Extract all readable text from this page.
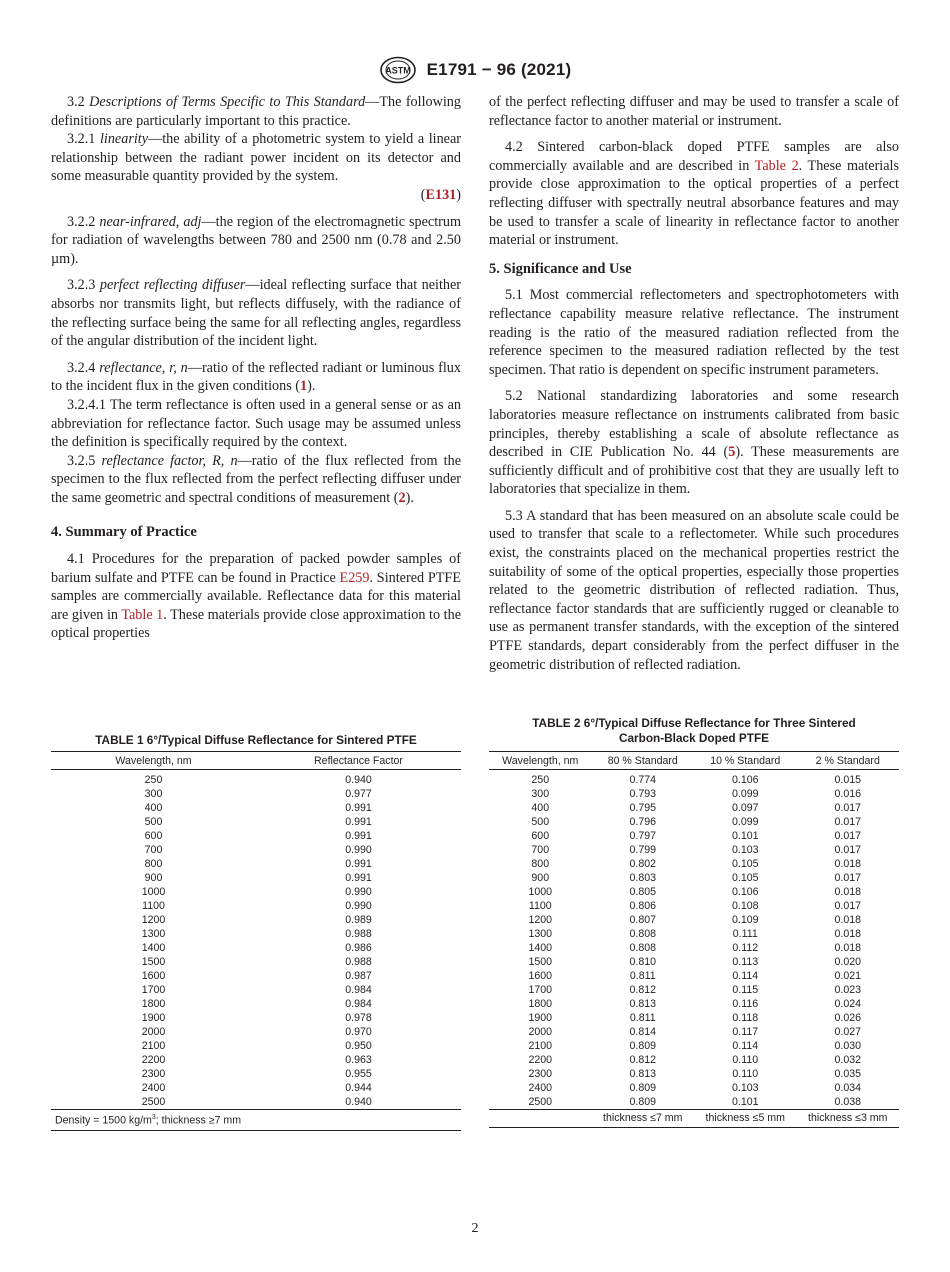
ASTM E1791 − 96 (2021)

3.2 Descriptions of Terms Specific to This Standard—The following definitions are particularly important to this practice.

3.2.1 linearity—the ability of a photometric system to yield a linear relationship between the radiant power incident on its detector and some measurable quantity provided by the system.

(E131)

3.2.2 near-infrared, adj—the region of the electromagnetic spectrum for radiation of wavelengths between 780 and 2500 nm (0.78 and 2.50 µm).

3.2.3 perfect reflecting diffuser—ideal reflecting surface that neither absorbs nor transmits light, but reflects diffusely, with the radiance of the reflecting surface being the same for all reflecting angles, regardless of the angular distribution of the incident light.

3.2.4 reflectance, r, n—ratio of the reflected radiant or luminous flux to the incident flux in the given conditions (1).

3.2.4.1 The term reflectance is often used in a general sense or as an abbreviation for reflectance factor. Such usage may be assumed unless the definition is specifically required by the context.

3.2.5 reflectance factor, R, n—ratio of the flux reflected from the specimen to the flux reflected from the perfect reflecting diffuser under the same geometric and spectral conditions of measurement (2).

4. Summary of Practice

4.1 Procedures for the preparation of packed powder samples of barium sulfate and PTFE can be found in Practice E259. Sintered PTFE samples are commercially available. Reflectance data for this material are given in Table 1. These materials provide close approximation to the optical properties

of the perfect reflecting diffuser and may be used to transfer a scale of reflectance factor to another material or instrument.

4.2 Sintered carbon-black doped PTFE samples are also commercially available and are described in Table 2. These materials provide close approximation to the optical properties of a perfect reflecting diffuser with spectrally neutral absorbance features and may be used to transfer a scale of linearity in reflectance factor to another material or instrument.

5. Significance and Use

5.1 Most commercial reflectometers and spectrophotometers with reflectance capability measure relative reflectance. The instrument reading is the ratio of the measured radiation reflected from the reference specimen to the measured radiation reflected by the test specimen. That ratio is dependent on specific instrument parameters.

5.2 National standardizing laboratories and some research laboratories measure reflectance on instruments calibrated from basic principles, thereby establishing a scale of absolute reflectance as described in CIE Publication No. 44 (5). These measurements are sufficiently difficult and of prohibitive cost that they are usually left to laboratories that specialize in them.

5.3 A standard that has been measured on an absolute scale could be used to transfer that scale to a reflectometer. While such procedures exist, the constraints placed on the mechanical properties restrict the suitability of some of the optical properties, especially those properties related to the geometric distribution of reflected radiation. Thus, reflectance factor standards that are sufficiently rugged or cleanable to use as permanent transfer standards, with the exception of the sintered PTFE standards, depart considerably from the perfect diffuser in the geometric distribution of reflected radiation.

TABLE 1 6°/Typical Diffuse Reflectance for Sintered PTFE
Wavelength, nm	Reflectance Factor
250	0.940
300	0.977
400	0.991
500	0.991
600	0.991
700	0.990
800	0.991
900	0.991
1000	0.990
1100	0.990
1200	0.989
1300	0.988
1400	0.986
1500	0.988
1600	0.987
1700	0.984
1800	0.984
1900	0.978
2000	0.970
2100	0.950
2200	0.963
2300	0.955
2400	0.944
2500	0.940
Density = 1500 $kg/m^3$; thickness ≥7 mm	
TABLE 2 6°/Typical Diffuse Reflectance for Three Sintered
Carbon-Black Doped PTFE
Wavelength, nm	80 % Standard	10 % Standard	2 % Standard
250	0.774	0.106	0.015
300	0.793	0.099	0.016
400	0.795	0.097	0.017
500	0.796	0.099	0.017
600	0.797	0.101	0.017
700	0.799	0.103	0.017
800	0.802	0.105	0.018
900	0.803	0.105	0.017
1000	0.805	0.106	0.018
1100	0.806	0.108	0.017
1200	0.807	0.109	0.018
1300	0.808	0.111	0.018
1400	0.808	0.112	0.018
1500	0.810	0.113	0.020
1600	0.811	0.114	0.021
1700	0.812	0.115	0.023
1800	0.813	0.116	0.024
1900	0.811	0.118	0.026
2000	0.814	0.117	0.027
2100	0.809	0.114	0.030
2200	0.812	0.110	0.032
2300	0.813	0.110	0.035
2400	0.809	0.103	0.034
2500	0.809	0.101	0.038
	thickness ≤7 mm	thickness ≤5 mm	thickness ≤3 mm
2
